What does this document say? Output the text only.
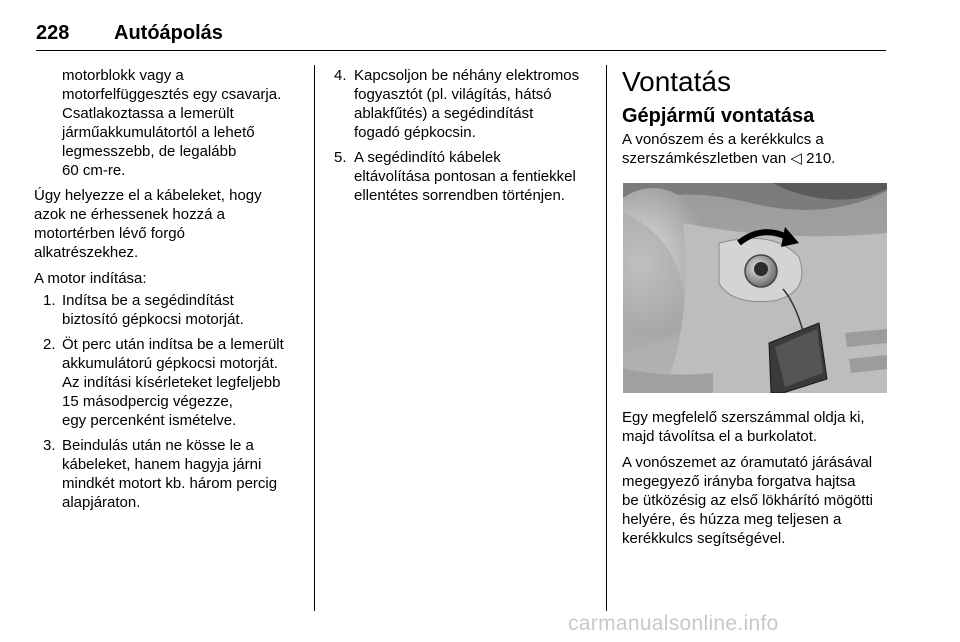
228 Autóápolás

motorblokk vagy a
motorfelfüggesztés egy csavarja.
Csatlakoztassa a lemerült
járműakkumulátortól a lehető
legmesszebb, de legalább
60 cm-re.

Úgy helyezze el a kábeleket, hogy
azok ne érhessenek hozzá a
motortérben lévő forgó
alkatrészekhez.

A motor indítása:

1. Indítsa be a segédindítást
biztosító gépkocsi motorját.
2. Öt perc után indítsa be a lemerült
akkumulátorú gépkocsi motorját.
Az indítási kísérleteket legfeljebb
15 másodpercig végezze,
egy percenként ismételve.
3. Beindulás után ne kösse le a
kábeleket, hanem hagyja járni
mindkét motort kb. három percig
alapjáraton.
4. Kapcsoljon be néhány elektromos
fogyasztót (pl. világítás, hátsó
ablakfűtés) a segédindítást
fogadó gépkocsin.
5. A segédindító kábelek
eltávolítása pontosan a fentiekkel
ellentétes sorrendben történjen.
Vontatás
Gépjármű vontatása

A vonószem és a kerékkulcs a
szerszámkészletben van ◁ 210.

Egy megfelelő szerszámmal oldja ki,
majd távolítsa el a burkolatot.

A vonószemet az óramutató járásával
megegyező irányba forgatva hajtsa
be ütközésig az első lökhárító mögötti
helyére, és húzza meg teljesen a
kerékkulcs segítségével.

carmanualsonline.info
